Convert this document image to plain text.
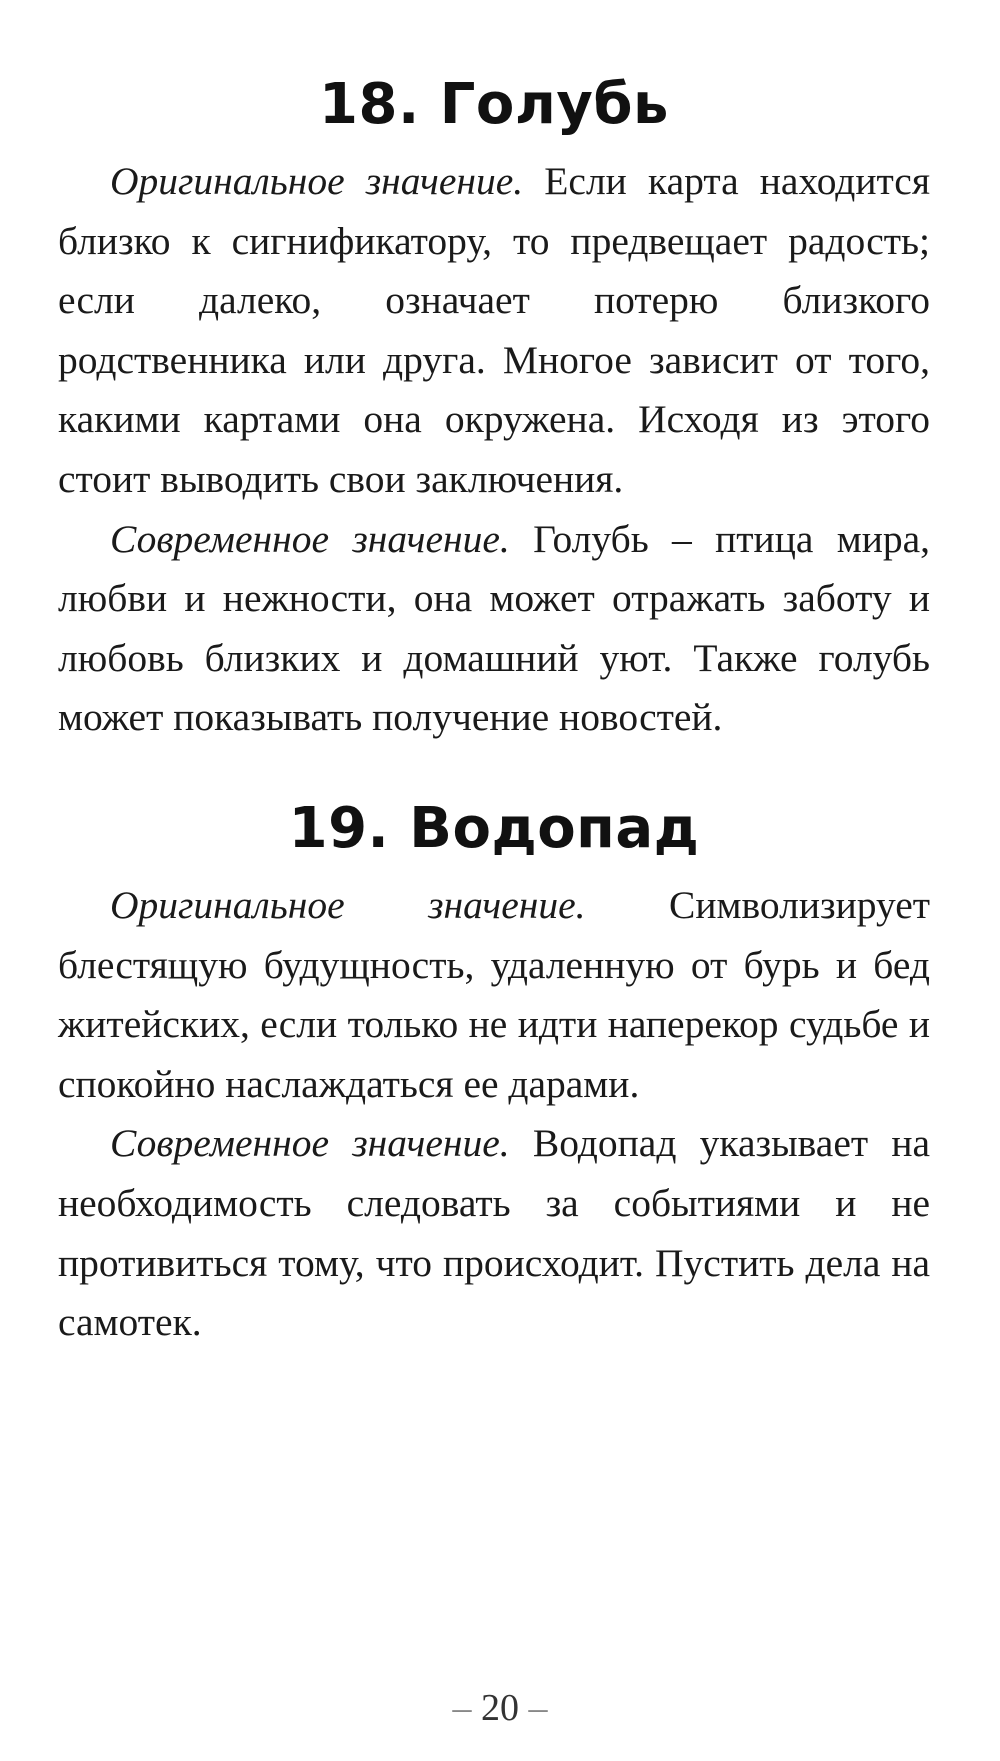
18. Голубь

Оригинальное значение. Если карта находится близко к сигнификатору, то предвещает радость; если далеко, означает потерю близкого родственника или друга. Многое зависит от того, какими картами она окружена. Исходя из этого стоит выводить свои заключения.

Современное значение. Голубь – птица мира, любви и нежности, она может отражать заботу и любовь близких и домашний уют. Также голубь может показывать получение новостей.

19. Водопад

Оригинальное значение. Символизирует блестящую будущность, удаленную от бурь и бед житейских, если только не идти наперекор судьбе и спокойно наслаждаться ее дарами.

Современное значение. Водопад указывает на необходимость следовать за событиями и не противиться тому, что происходит. Пустить дела на самотек.

– 20 –
